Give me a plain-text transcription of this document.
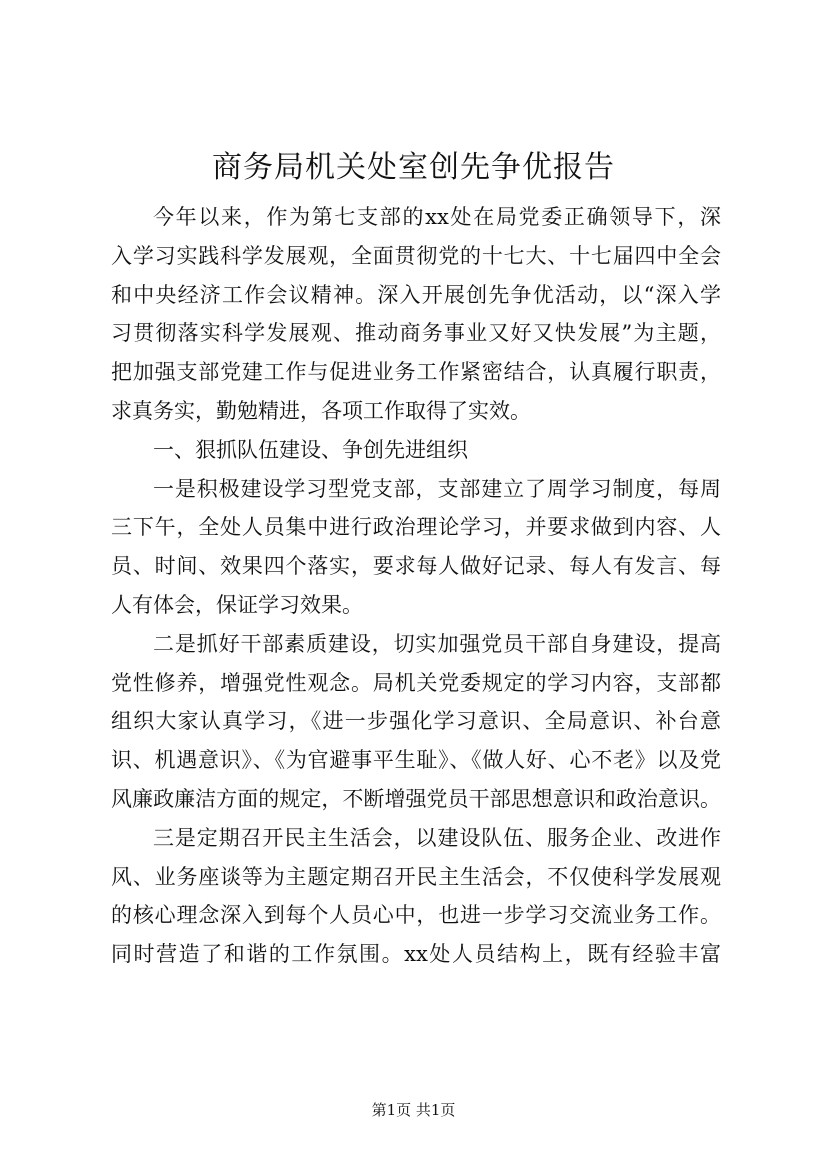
商务局机关处室创先争优报告
今年以来，作为第七支部的xx处在局党委正确领导下，深
入学习实践科学发展观，全面贯彻党的十七大、十七届四中全会
和中央经济工作会议精神。深入开展创先争优活动，以“深入学
习贯彻落实科学发展观、推动商务事业又好又快发展”为主题，
把加强支部党建工作与促进业务工作紧密结合，认真履行职责，
求真务实，勤勉精进，各项工作取得了实效。
一、狠抓队伍建设、争创先进组织
一是积极建设学习型党支部，支部建立了周学习制度，每周
三下午，全处人员集中进行政治理论学习，并要求做到内容、人
员、时间、效果四个落实，要求每人做好记录、每人有发言、每
人有体会，保证学习效果。
二是抓好干部素质建设，切实加强党员干部自身建设，提高
党性修养，增强党性观念。局机关党委规定的学习内容，支部都
组织大家认真学习，《进一步强化学习意识、全局意识、补台意
识、机遇意识》、《为官避事平生耻》、《做人好、心不老》以及党
风廉政廉洁方面的规定，不断增强党员干部思想意识和政治意识。
三是定期召开民主生活会，以建设队伍、服务企业、改进作
风、业务座谈等为主题定期召开民主生活会，不仅使科学发展观
的核心理念深入到每个人员心中，也进一步学习交流业务工作。
同时营造了和谐的工作氛围。xx处人员结构上，既有经验丰富
第1页 共1页
